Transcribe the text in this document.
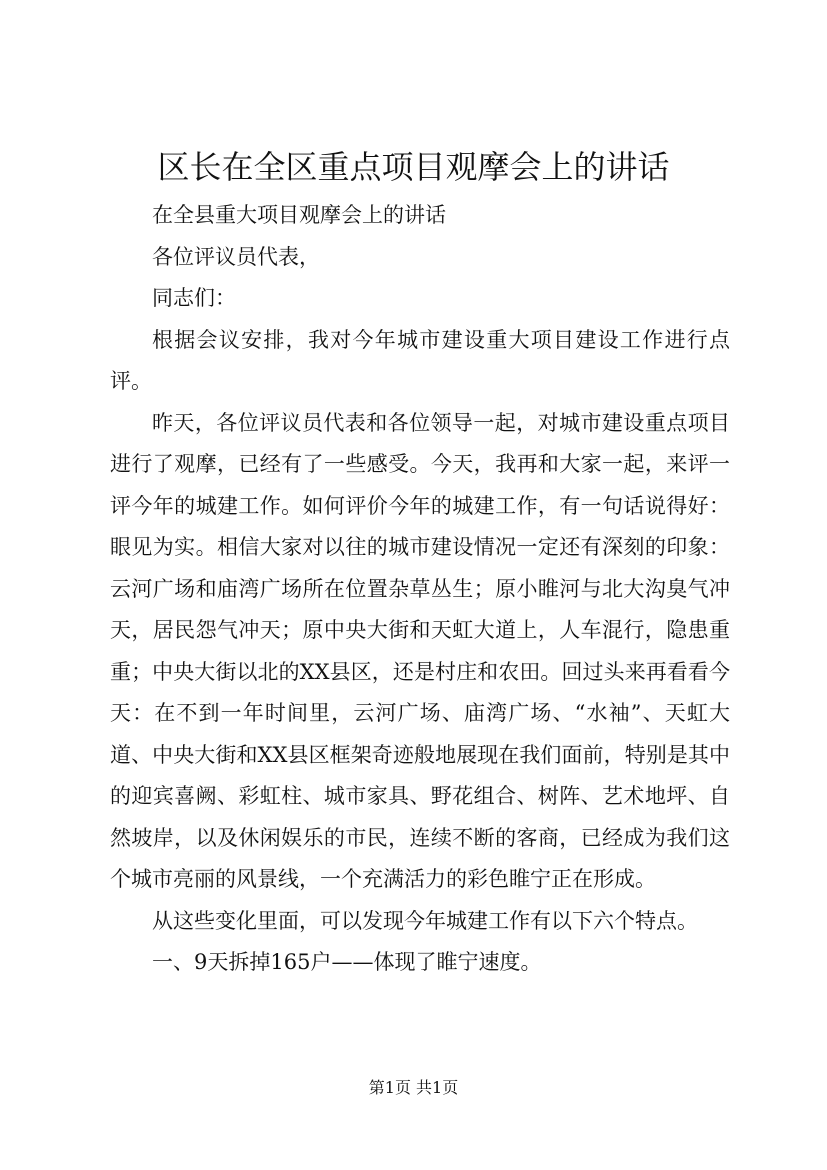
区长在全区重点项目观摩会上的讲话

在全县重大项目观摩会上的讲话

各位评议员代表，

同志们：

根据会议安排，我对今年城市建设重大项目建设工作进行点评。

昨天，各位评议员代表和各位领导一起，对城市建设重点项目进行了观摩，已经有了一些感受。今天，我再和大家一起，来评一评今年的城建工作。如何评价今年的城建工作，有一句话说得好：眼见为实。相信大家对以往的城市建设情况一定还有深刻的印象：云河广场和庙湾广场所在位置杂草丛生；原小睢河与北大沟臭气冲天，居民怨气冲天；原中央大街和天虹大道上，人车混行，隐患重重；中央大街以北的XX县区，还是村庄和农田。回过头来再看看今天：在不到一年时间里，云河广场、庙湾广场、“水袖”、天虹大道、中央大街和XX县区框架奇迹般地展现在我们面前，特别是其中的迎宾喜阙、彩虹柱、城市家具、野花组合、树阵、艺术地坪、自然坡岸，以及休闲娱乐的市民，连续不断的客商，已经成为我们这个城市亮丽的风景线，一个充满活力的彩色睢宁正在形成。

从这些变化里面，可以发现今年城建工作有以下六个特点。

一、9天拆掉165户——体现了睢宁速度。

第1页 共1页
